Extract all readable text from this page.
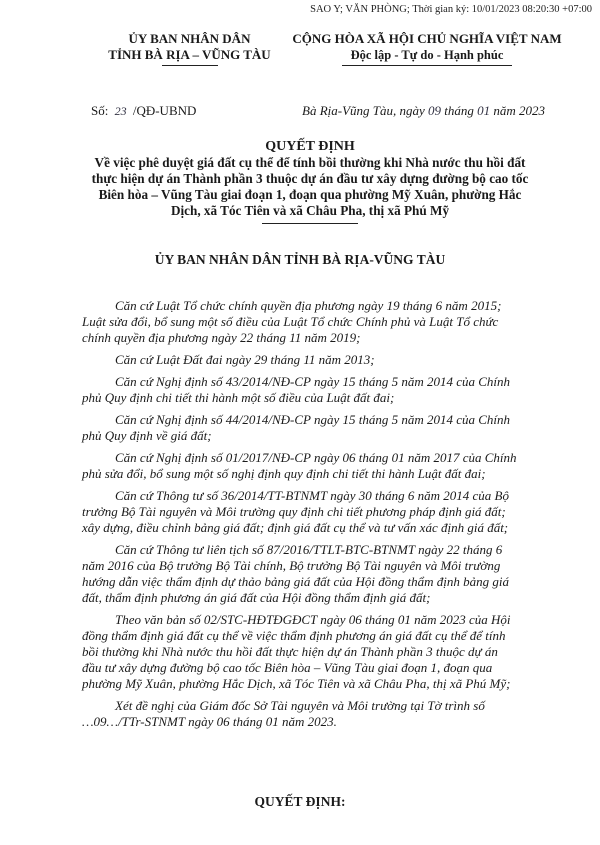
SAO Y; VĂN PHÒNG; Thời gian ký: 10/01/2023 08:20:30 +07:00
ỦY BAN NHÂN DÂN
TỈNH BÀ RỊA – VŨNG TÀU
CỘNG HÒA XÃ HỘI CHỦ NGHĨA VIỆT NAM
Độc lập - Tự do - Hạnh phúc
Số: 23 /QĐ-UBND	Bà Rịa-Vũng Tàu, ngày 09 tháng 01 năm 2023
QUYẾT ĐỊNH
Về việc phê duyệt giá đất cụ thể để tính bồi thường khi Nhà nước thu hồi đất
thực hiện dự án Thành phần 3 thuộc dự án đầu tư xây dựng đường bộ cao tốc
Biên hòa – Vũng Tàu giai đoạn 1, đoạn qua phường Mỹ Xuân, phường Hắc
Dịch, xã Tóc Tiên và xã Châu Pha, thị xã Phú Mỹ
ỦY BAN NHÂN DÂN TỈNH BÀ RỊA-VŨNG TÀU

Căn cứ Luật Tổ chức chính quyền địa phương ngày 19 tháng 6 năm 2015;
Luật sửa đổi, bổ sung một số điều của Luật Tổ chức Chính phủ và Luật Tổ chức
chính quyền địa phương ngày 22 tháng 11 năm 2019;

Căn cứ Luật Đất đai ngày 29 tháng 11 năm 2013;

Căn cứ Nghị định số 43/2014/NĐ-CP ngày 15 tháng 5 năm 2014 của Chính
phủ Quy định chi tiết thi hành một số điều của Luật đất đai;

Căn cứ Nghị định số 44/2014/NĐ-CP ngày 15 tháng 5 năm 2014 của Chính
phủ Quy định về giá đất;

Căn cứ Nghị định số 01/2017/NĐ-CP ngày 06 tháng 01 năm 2017 của Chính
phủ sửa đổi, bổ sung một số nghị định quy định chi tiết thi hành Luật đất đai;

Căn cứ Thông tư số 36/2014/TT-BTNMT ngày 30 tháng 6 năm 2014 của Bộ
trưởng Bộ Tài nguyên và Môi trường quy định chi tiết phương pháp định giá đất;
xây dựng, điều chỉnh bảng giá đất; định giá đất cụ thể và tư vấn xác định giá đất;

Căn cứ Thông tư liên tịch số 87/2016/TTLT-BTC-BTNMT ngày 22 tháng 6
năm 2016 của Bộ trưởng Bộ Tài chính, Bộ trưởng Bộ Tài nguyên và Môi trường
hướng dẫn việc thẩm định dự thảo bảng giá đất của Hội đồng thẩm định bảng giá
đất, thẩm định phương án giá đất của Hội đồng thẩm định giá đất;

Theo văn bản số 02/STC-HĐTĐGĐCT ngày 06 tháng 01 năm 2023 của Hội
đồng thẩm định giá đất cụ thể về việc thẩm định phương án giá đất cụ thể để tính
bồi thường khi Nhà nước thu hồi đất thực hiện dự án Thành phần 3 thuộc dự án
đầu tư xây dựng đường bộ cao tốc Biên hòa – Vũng Tàu giai đoạn 1, đoạn qua
phường Mỹ Xuân, phường Hắc Dịch, xã Tóc Tiên và xã Châu Pha, thị xã Phú Mỹ;

Xét đề nghị của Giám đốc Sở Tài nguyên và Môi trường tại Tờ trình số
…09…/TTr-STNMT ngày 06 tháng 01 năm 2023.

QUYẾT ĐỊNH:
